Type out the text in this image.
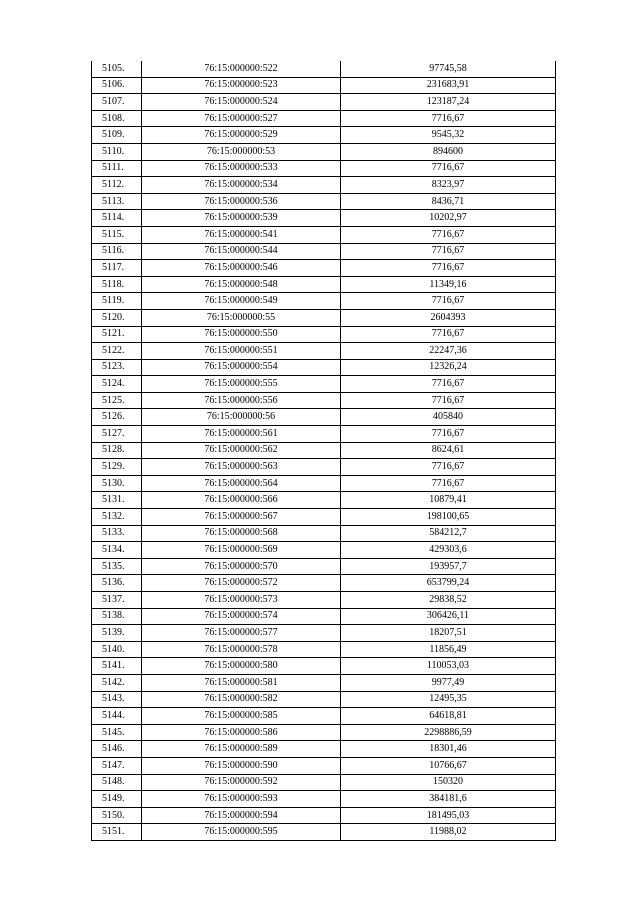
5105.	76:15:000000:522	97745,58
5106.	76:15:000000:523	231683,91
5107.	76:15:000000:524	123187,24
5108.	76:15:000000:527	7716,67
5109.	76:15:000000:529	9545,32
5110.	76:15:000000:53	894600
5111.	76:15:000000:533	7716,67
5112.	76:15:000000:534	8323,97
5113.	76:15:000000:536	8436,71
5114.	76:15:000000:539	10202,97
5115.	76:15:000000:541	7716,67
5116.	76:15:000000:544	7716,67
5117.	76:15:000000:546	7716,67
5118.	76:15:000000:548	11349,16
5119.	76:15:000000:549	7716,67
5120.	76:15:000000:55	2604393
5121.	76:15:000000:550	7716,67
5122.	76:15:000000:551	22247,36
5123.	76:15:000000:554	12326,24
5124.	76:15:000000:555	7716,67
5125.	76:15:000000:556	7716,67
5126.	76:15:000000:56	405840
5127.	76:15:000000:561	7716,67
5128.	76:15:000000:562	8624,61
5129.	76:15:000000:563	7716,67
5130.	76:15:000000:564	7716,67
5131.	76:15:000000:566	10879,41
5132.	76:15:000000:567	198100,65
5133.	76:15:000000:568	584212,7
5134.	76:15:000000:569	429303,6
5135.	76:15:000000:570	193957,7
5136.	76:15:000000:572	653799,24
5137.	76:15:000000:573	29838,52
5138.	76:15:000000:574	306426,11
5139.	76:15:000000:577	18207,51
5140.	76:15:000000:578	11856,49
5141.	76:15:000000:580	110053,03
5142.	76:15:000000:581	9977,49
5143.	76:15:000000:582	12495,35
5144.	76:15:000000:585	64618,81
5145.	76:15:000000:586	2298886,59
5146.	76:15:000000:589	18301,46
5147.	76:15:000000:590	10766,67
5148.	76:15:000000:592	150320
5149.	76:15:000000:593	384181,6
5150.	76:15:000000:594	181495,03
5151.	76:15:000000:595	11988,02
